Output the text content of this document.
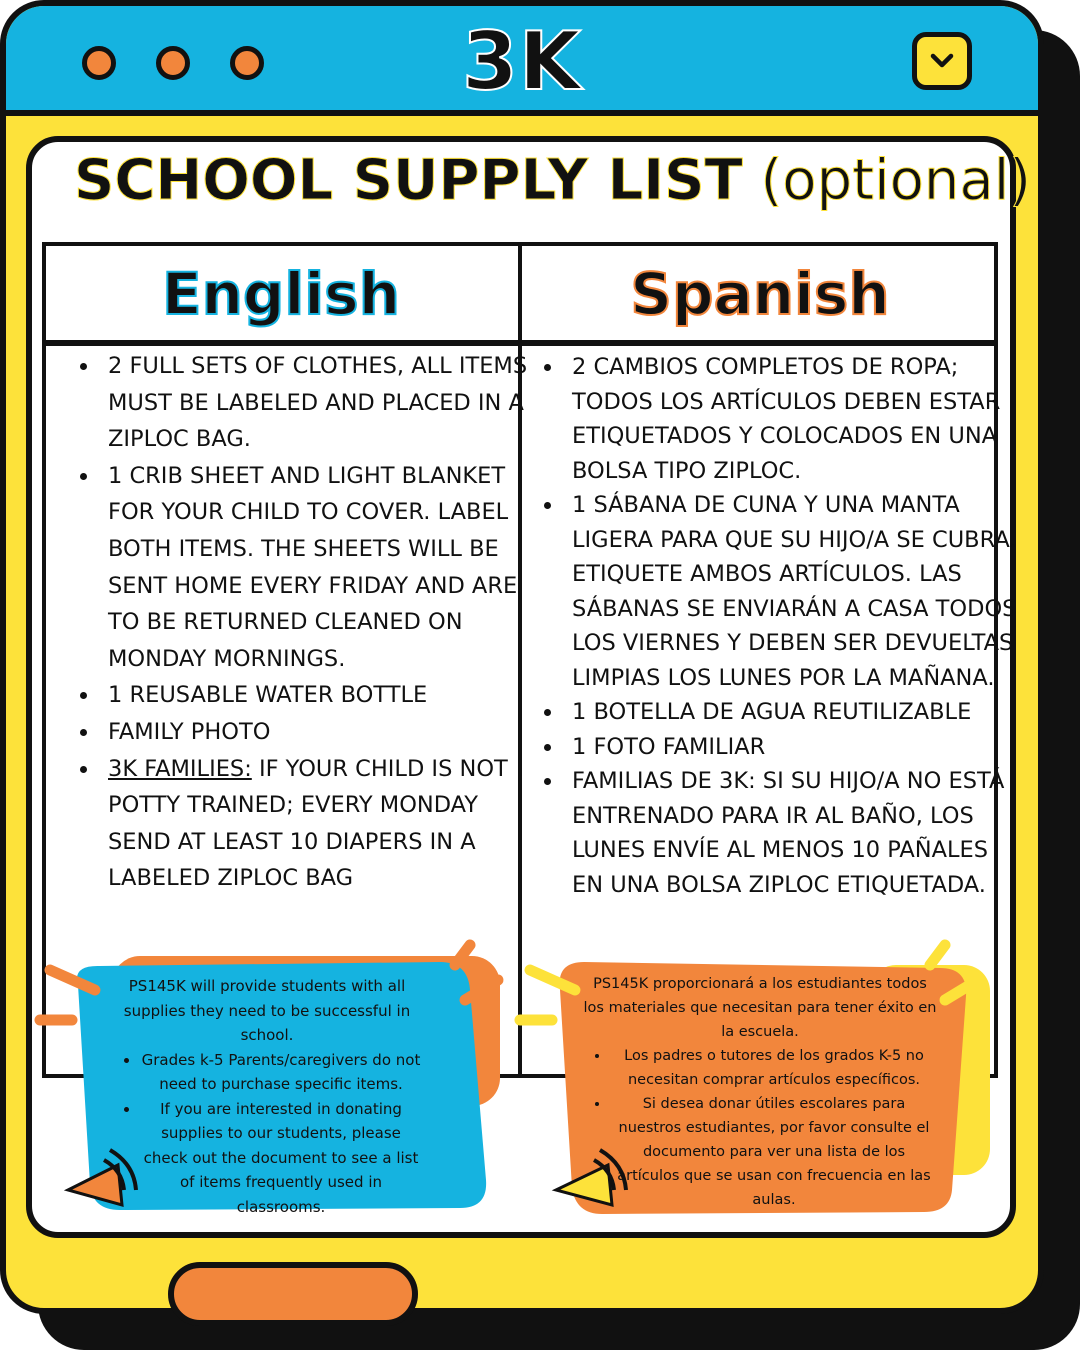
3K
SCHOOL SUPPLY LIST (optional)
English	Spanish
• 2 FULL SETS OF CLOTHES, ALL ITEMS MUST BE LABELED AND PLACED IN A ZIPLOC BAG.
• 1 CRIB SHEET AND LIGHT BLANKET FOR YOUR CHILD TO COVER. LABEL BOTH ITEMS. THE SHEETS WILL BE SENT HOME EVERY FRIDAY AND ARE TO BE RETURNED CLEANED ON MONDAY MORNINGS.
• 1 REUSABLE WATER BOTTLE
• FAMILY PHOTO
• 3K FAMILIES: IF YOUR CHILD IS NOT POTTY TRAINED; EVERY MONDAY SEND AT LEAST 10 DIAPERS IN A LABELED ZIPLOC BAG
• 2 CAMBIOS COMPLETOS DE ROPA; TODOS LOS ARTÍCULOS DEBEN ESTAR ETIQUETADOS Y COLOCADOS EN UNA BOLSA TIPO ZIPLOC.
• 1 SÁBANA DE CUNA Y UNA MANTA LIGERA PARA QUE SU HIJO/A SE CUBRA. ETIQUETE AMBOS ARTÍCULOS. LAS SÁBANAS SE ENVIARÁN A CASA TODOS LOS VIERNES Y DEBEN SER DEVUELTAS LIMPIAS LOS LUNES POR LA MAÑANA.
• 1 BOTELLA DE AGUA REUTILIZABLE
• 1 FOTO FAMILIAR
• FAMILIAS DE 3K: SI SU HIJO/A NO ESTÁ ENTRENADO PARA IR AL BAÑO, LOS LUNES ENVÍE AL MENOS 10 PAÑALES EN UNA BOLSA ZIPLOC ETIQUETADA.
PS145K will provide students with all supplies they need to be successful in school.
• Grades k-5 Parents/caregivers do not need to purchase specific items.
• If you are interested in donating supplies to our students, please check out the document to see a list of items frequently used in classrooms.
PS145K proporcionará a los estudiantes todos los materiales que necesitan para tener éxito en la escuela.
• Los padres o tutores de los grados K-5 no necesitan comprar artículos específicos.
• Si desea donar útiles escolares para nuestros estudiantes, por favor consulte el documento para ver una lista de los artículos que se usan con frecuencia en las aulas.
